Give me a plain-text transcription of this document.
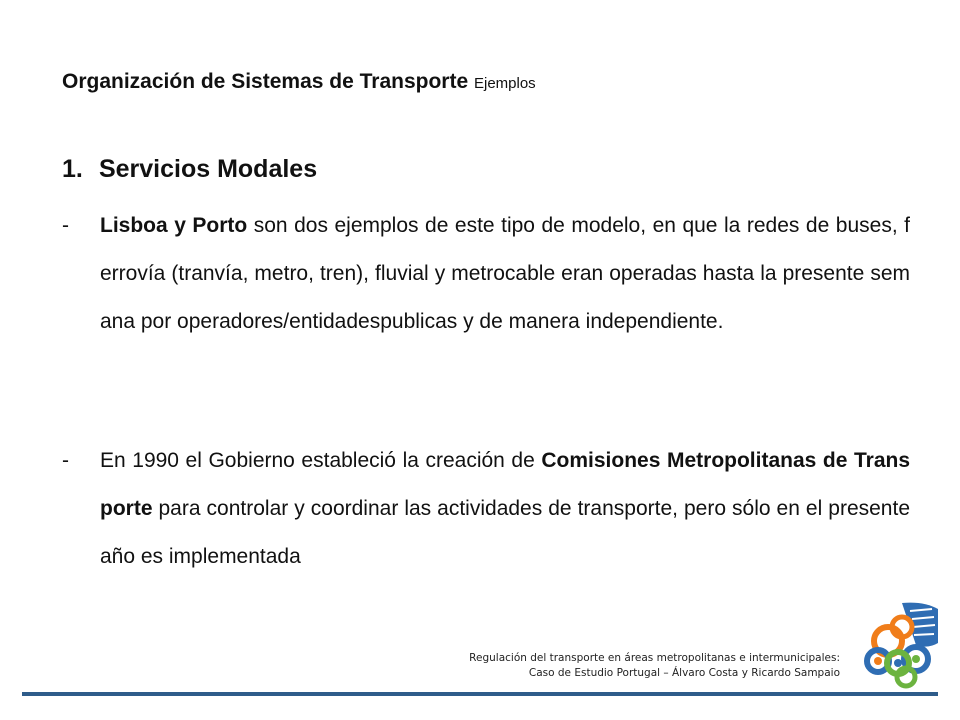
Organización de Sistemas de Transporte Ejemplos
1. Servicios Modales
- Lisboa y Porto son dos ejemplos de este tipo de modelo, en que la redes de buses, ferrovía (tranvía, metro, tren), fluvial y metrocable eran operadas hasta la presente semana por operadores/entidadespublicas y de manera independiente.
- En 1990 el Gobierno estableció la creación de Comisiones Metropolitanas de Transporte para controlar y coordinar las actividades de transporte, pero sólo en el presente año es implementada
Regulación del transporte en áreas metropolitanas e intermunicipales:
Caso de Estudio Portugal – Álvaro Costa y Ricardo Sampaio
